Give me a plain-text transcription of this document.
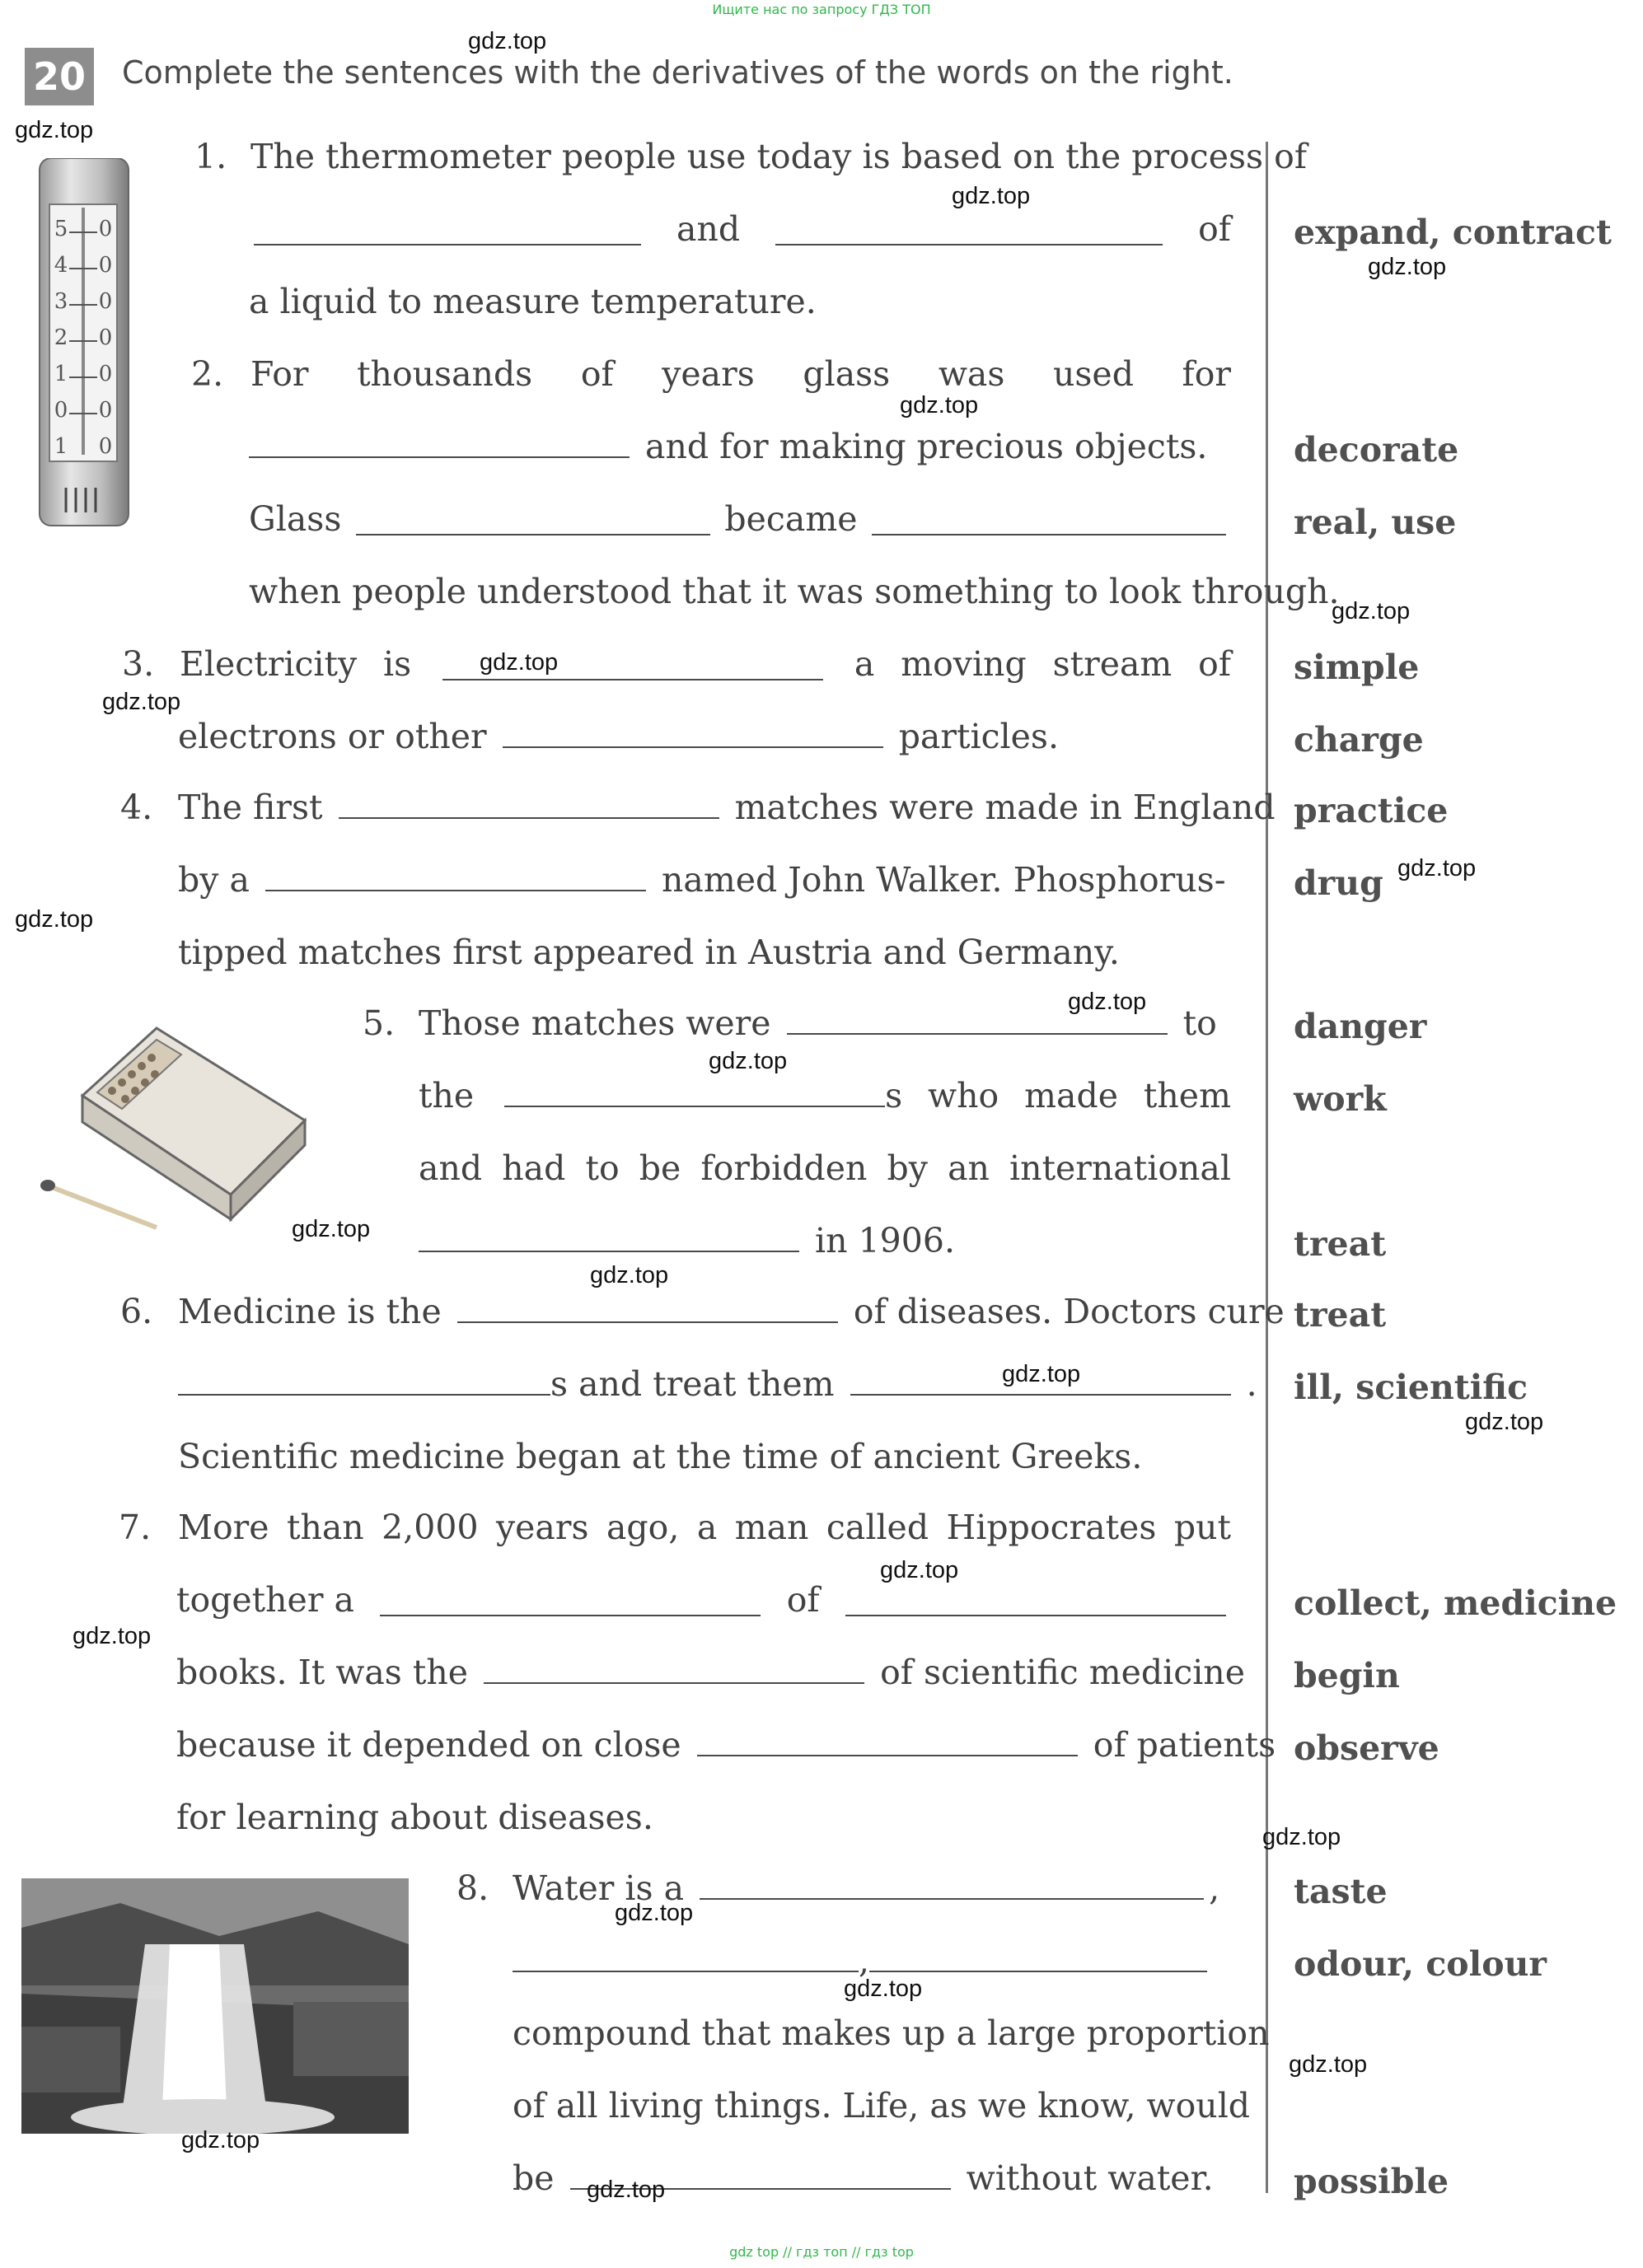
Ищите нас по запросу ГДЗ ТОП
gdz top // гдз топ // гдз top
20 Complete the sentences with the derivatives of the words on the right.
5
4
3
2
1
0
1
0
0
0
0
0
0
0
1. The thermometer people use today is based on the process of
and	of
a liquid to measure temperature.
2. For thousands of years glass was used for
and for making precious objects.
Glass	became
when people understood that it was something to look through.
3. Electricity is	a moving stream of
electrons or other	particles.
4. The first	matches were made in England
by a	named John Walker. Phosphorus-
tipped matches first appeared in Austria and Germany.
5. Those matches were	to
the	s who made them
and had to be forbidden by an international
in 1906.
6. Medicine is the	of diseases. Doctors cure
s and treat them	.
Scientific medicine began at the time of ancient Greeks.
7. More than 2,000 years ago, a man called Hippocrates put
together a	of
books. It was the	of scientific medicine
because it depended on close	of patients
for learning about diseases.
8. Water is a	,
,
compound that makes up a large proportion
of all living things. Life, as we know, would
be	without water.
expand, contract
decorate
real, use
simple
charge
practice
drug
danger
work
treat
treat
ill, scientific
collect, medicine
begin
observe
taste
odour, colour
possible
gdz.top
gdz.top
gdz.top
gdz.top
gdz.top
gdz.top
gdz.top
gdz.top
gdz.top
gdz.top
gdz.top
gdz.top
gdz.top
gdz.top
gdz.top
gdz.top
gdz.top
gdz.top
gdz.top
gdz.top
gdz.top
gdz.top
gdz.top
gdz.top
